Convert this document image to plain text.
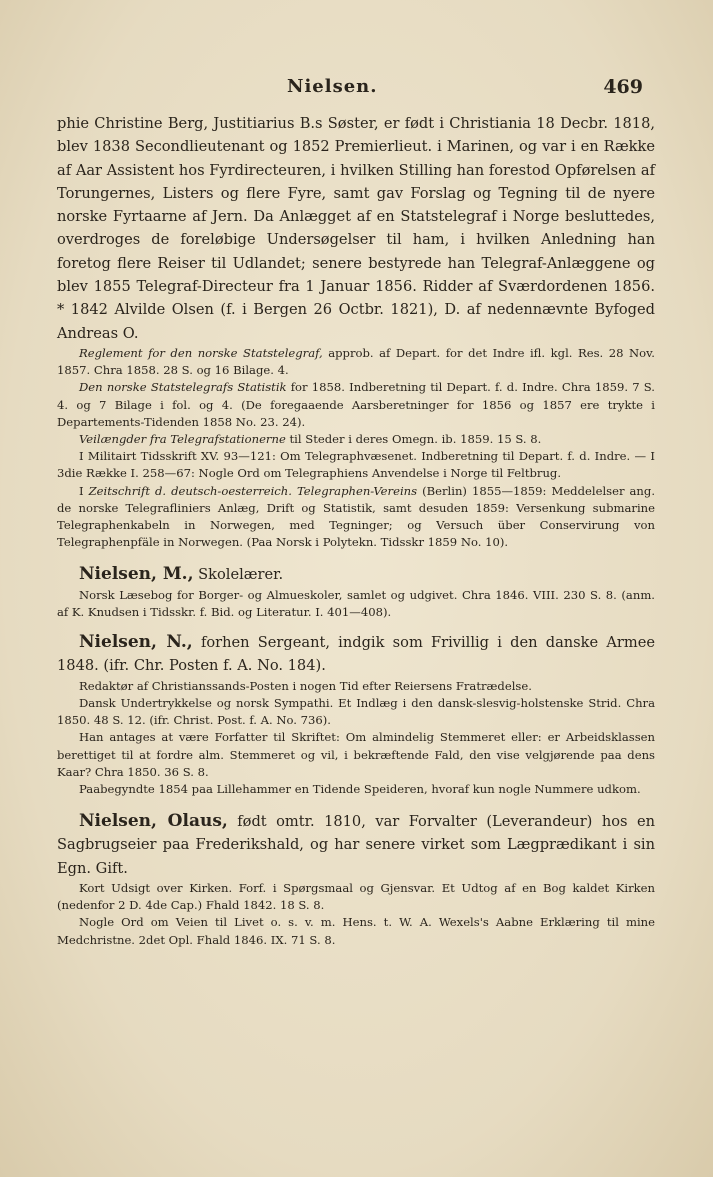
Nielsen.	469

phie Christine Berg, Justitiarius B.s Søster, er født i Christiania 18 Decbr. 1818, blev 1838 Secondlieutenant og 1852 Premierlieut. i Marinen, og var i en Række af Aar Assistent hos Fyrdirecteuren, i hvilken Stilling han forestod Opførelsen af Torungernes, Listers og flere Fyre, samt gav Forslag og Tegning til de nyere norske Fyrtaarne af Jern. Da Anlægget af en Statstelegraf i Norge besluttedes, overdroges de foreløbige Undersøgelser til ham, i hvilken Anledning han foretog flere Reiser til Udlandet; senere bestyrede han Telegraf-Anlæggene og blev 1855 Telegraf-Directeur fra 1 Januar 1856. Ridder af Sværdordenen 1856. * 1842 Alvilde Olsen (f. i Bergen 26 Octbr. 1821), D. af nedennævnte Byfoged Andreas O.

Reglement for den norske Statstelegraf, approb. af Depart. for det Indre ifl. kgl. Res. 28 Nov. 1857. Chra 1858. 28 S. og 16 Bilage. 4.

Den norske Statstelegrafs Statistik for 1858. Indberetning til Depart. f. d. Indre. Chra 1859. 7 S. 4. og 7 Bilage i fol. og 4. (De foregaaende Aarsberetninger for 1856 og 1857 ere trykte i Departements-Tidenden 1858 No. 23. 24).

Veilængder fra Telegrafstationerne til Steder i deres Omegn. ib. 1859. 15 S. 8.

I Militairt Tidsskrift XV. 93—121: Om Telegraphvæsenet. Indberetning til Depart. f. d. Indre. — I 3die Række I. 258—67: Nogle Ord om Telegraphiens Anvendelse i Norge til Feltbrug.

I Zeitschrift d. deutsch-oesterreich. Telegraphen-Vereins (Berlin) 1855—1859: Meddelelser ang. de norske Telegrafliniers Anlæg, Drift og Statistik, samt desuden 1859: Versenkung submarine Telegraphenkabeln in Norwegen, med Tegninger; og Versuch über Conservirung von Telegraphenpfäle in Norwegen. (Paa Norsk i Polytekn. Tidsskr 1859 No. 10).

Nielsen, M., Skolelærer.

Norsk Læsebog for Borger- og Almueskoler, samlet og udgivet. Chra 1846. VIII. 230 S. 8. (anm. af K. Knudsen i Tidsskr. f. Bid. og Literatur. I. 401—408).

Nielsen, N., forhen Sergeant, indgik som Frivillig i den danske Armee 1848. (ifr. Chr. Posten f. A. No. 184).

Redaktør af Christianssands-Posten i nogen Tid efter Reiersens Fratrædelse.

Dansk Undertrykkelse og norsk Sympathi. Et Indlæg i den dansk-slesvig-holstenske Strid. Chra 1850. 48 S. 12. (ifr. Christ. Post. f. A. No. 736).

Han antages at være Forfatter til Skriftet: Om almindelig Stemmeret eller: er Arbeidsklassen berettiget til at fordre alm. Stemmeret og vil, i bekræftende Fald, den vise velgjørende paa dens Kaar? Chra 1850. 36 S. 8.

Paabegyndte 1854 paa Lillehammer en Tidende Speideren, hvoraf kun nogle Nummere udkom.

Nielsen, Olaus, født omtr. 1810, var Forvalter (Leverandeur) hos en Sagbrugseier paa Frederikshald, og har senere virket som Lægprædikant i sin Egn. Gift.

Kort Udsigt over Kirken. Forf. i Spørgsmaal og Gjensvar. Et Udtog af en Bog kaldet Kirken (nedenfor 2 D. 4de Cap.) Fhald 1842. 18 S. 8.

Nogle Ord om Veien til Livet o. s. v. m. Hens. t. W. A. Wexels's Aabne Erklæring til mine Medchristne. 2det Opl. Fhald 1846. IX. 71 S. 8.
